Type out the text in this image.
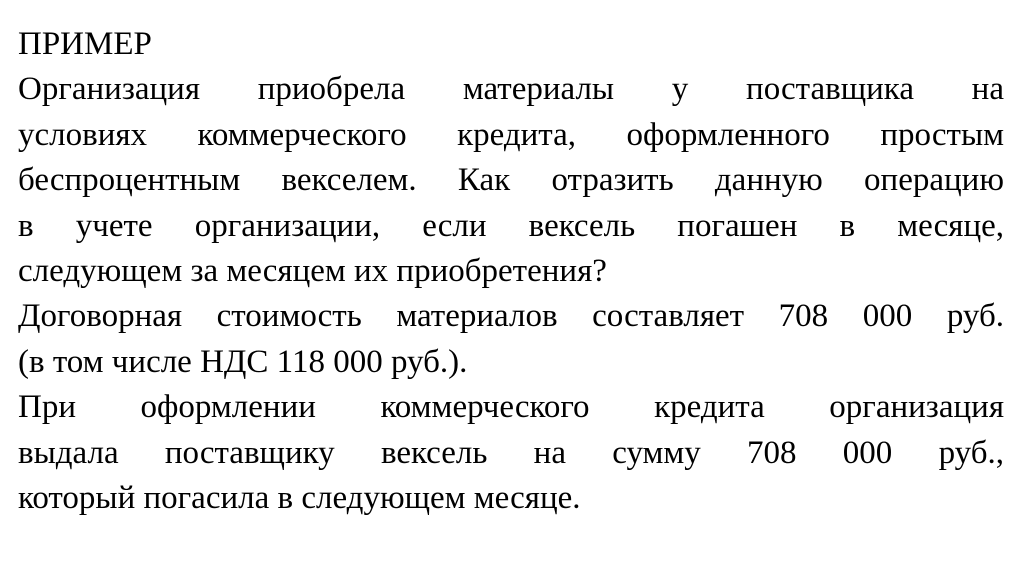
ПРИМЕР

Организация приобрела материалы у поставщика на
условиях коммерческого кредита, оформленного простым
беспроцентным векселем. Как отразить данную операцию
в учете организации, если вексель погашен в месяце,
следующем за месяцем их приобретения?

Договорная стоимость материалов составляет 708 000 руб.
(в том числе НДС 118 000 руб.).

При оформлении коммерческого кредита организация
выдала поставщику вексель на сумму 708 000 руб.,
который погасила в следующем месяце.
